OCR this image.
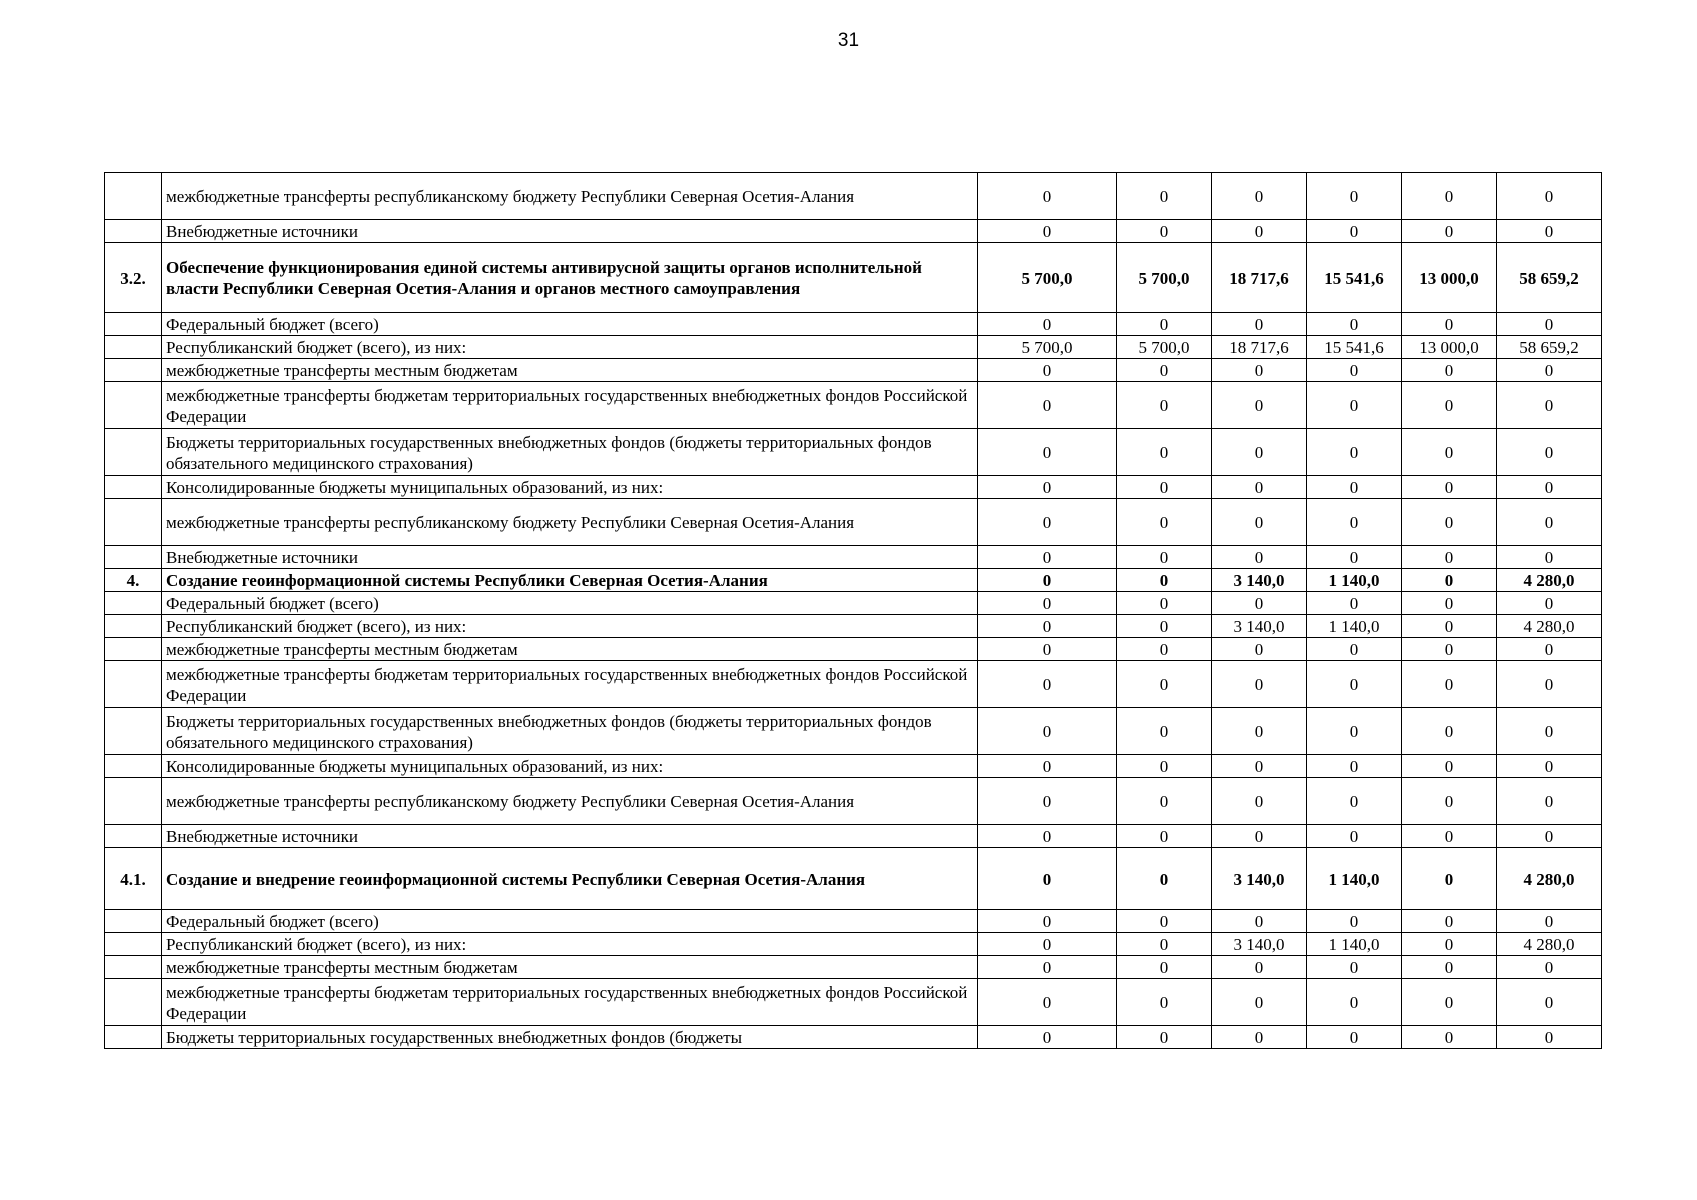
31
	межбюджетные трансферты республиканскому бюджету Республики Северная Осетия-Алания	0	0	0	0	0	0
	Внебюджетные источники	0	0	0	0	0	0
3.2.	Обеспечение функционирования единой системы антивирусной защиты органов исполнительной власти Республики Северная Осетия-Алания и органов местного самоуправления	5 700,0	5 700,0	18 717,6	15 541,6	13 000,0	58 659,2
	Федеральный бюджет (всего)	0	0	0	0	0	0
	Республиканский бюджет (всего), из них:	5 700,0	5 700,0	18 717,6	15 541,6	13 000,0	58 659,2
	межбюджетные трансферты местным бюджетам	0	0	0	0	0	0
	межбюджетные трансферты бюджетам территориальных государственных внебюджетных фондов Российской Федерации	0	0	0	0	0	0
	Бюджеты территориальных государственных внебюджетных фондов (бюджеты территориальных фондов обязательного медицинского страхования)	0	0	0	0	0	0
	Консолидированные бюджеты муниципальных образований, из них:	0	0	0	0	0	0
	межбюджетные трансферты республиканскому бюджету Республики Северная Осетия-Алания	0	0	0	0	0	0
	Внебюджетные источники	0	0	0	0	0	0
4.	Создание геоинформационной системы Республики Северная Осетия-Алания	0	0	3 140,0	1 140,0	0	4 280,0
	Федеральный бюджет (всего)	0	0	0	0	0	0
	Республиканский бюджет (всего), из них:	0	0	3 140,0	1 140,0	0	4 280,0
	межбюджетные трансферты местным бюджетам	0	0	0	0	0	0
	межбюджетные трансферты бюджетам территориальных государственных внебюджетных фондов Российской Федерации	0	0	0	0	0	0
	Бюджеты территориальных государственных внебюджетных фондов (бюджеты территориальных фондов обязательного медицинского страхования)	0	0	0	0	0	0
	Консолидированные бюджеты муниципальных образований, из них:	0	0	0	0	0	0
	межбюджетные трансферты республиканскому бюджету Республики Северная Осетия-Алания	0	0	0	0	0	0
	Внебюджетные источники	0	0	0	0	0	0
4.1.	Создание и внедрение геоинформационной системы Республики Северная Осетия-Алания	0	0	3 140,0	1 140,0	0	4 280,0
	Федеральный бюджет (всего)	0	0	0	0	0	0
	Республиканский бюджет (всего), из них:	0	0	3 140,0	1 140,0	0	4 280,0
	межбюджетные трансферты местным бюджетам	0	0	0	0	0	0
	межбюджетные трансферты бюджетам территориальных государственных внебюджетных фондов Российской Федерации	0	0	0	0	0	0
	Бюджеты территориальных государственных внебюджетных фондов (бюджеты	0	0	0	0	0	0
